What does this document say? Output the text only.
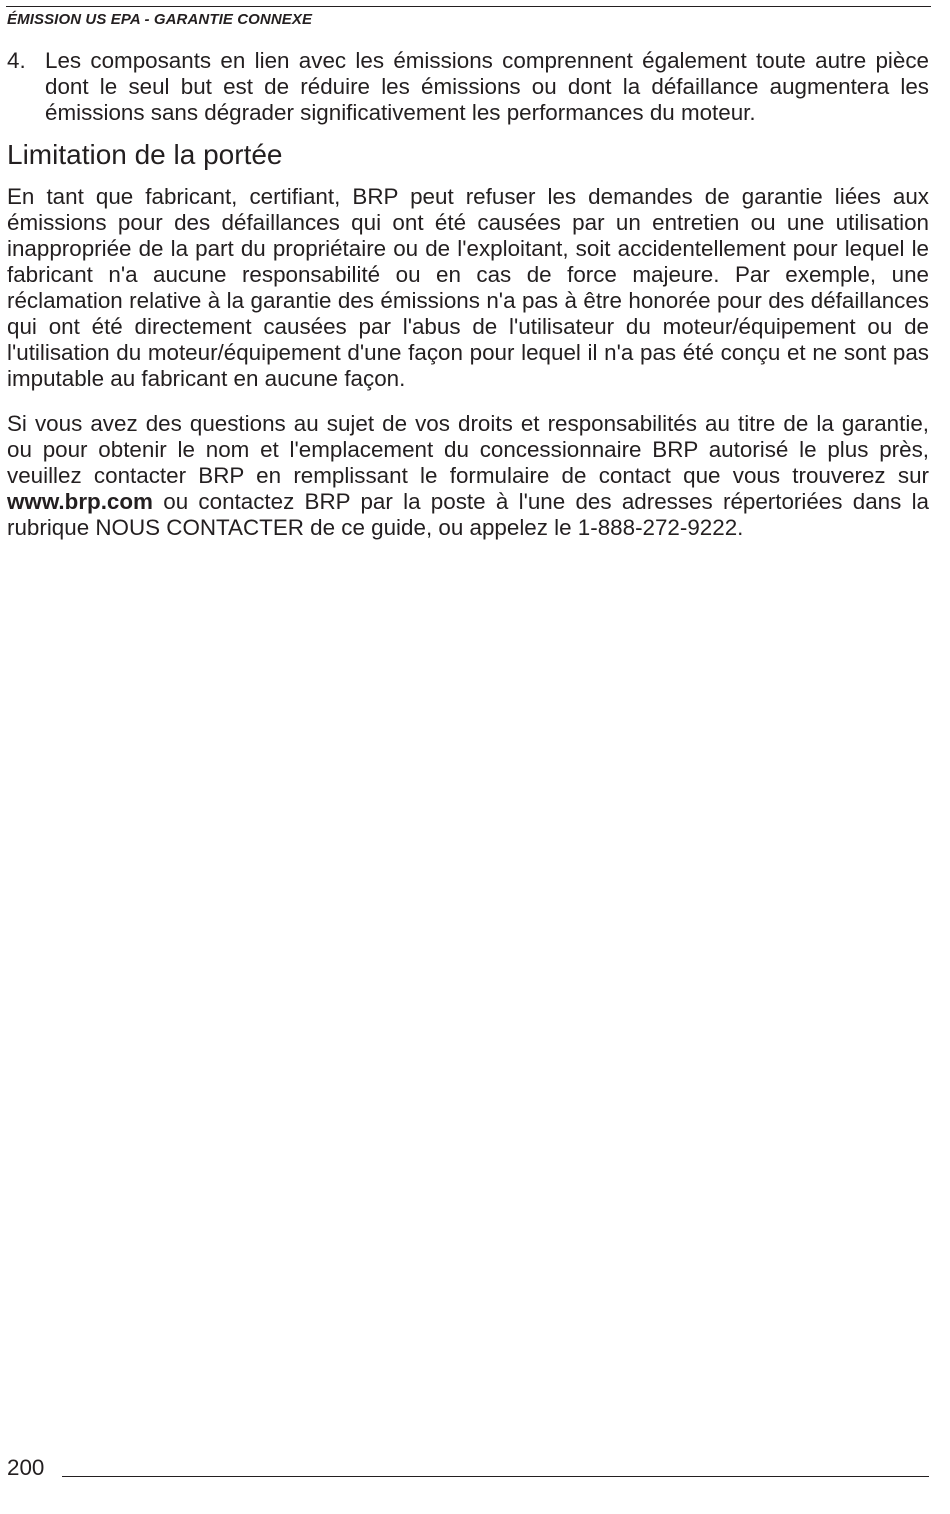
ÉMISSION US EPA - GARANTIE CONNEXE
4. Les composants en lien avec les émissions comprennent également toute autre pièce dont le seul but est de réduire les émissions ou dont la défaillance augmentera les émissions sans dégrader significativement les performances du moteur.
Limitation de la portée

En tant que fabricant, certifiant, BRP peut refuser les demandes de garantie liées aux émissions pour des défaillances qui ont été causées par un entretien ou une utilisation inappropriée de la part du propriétaire ou de l'exploitant, soit accidentellement pour lequel le fabricant n'a aucune responsabilité ou en cas de force majeure. Par exemple, une réclamation relative à la garantie des émissions n'a pas à être honorée pour des défaillances qui ont été directement causées par l'abus de l'utilisateur du moteur/équipement ou de l'utilisation du moteur/équipement d'une façon pour lequel il n'a pas été conçu et ne sont pas imputable au fabricant en aucune façon.

Si vous avez des questions au sujet de vos droits et responsabilités au titre de la garantie, ou pour obtenir le nom et l'emplacement du concessionnaire BRP autorisé le plus près, veuillez contacter BRP en remplissant le formulaire de contact que vous trouverez sur www.brp.com ou contactez BRP par la poste à l'une des adresses répertoriées dans la rubrique NOUS CONTACTER de ce guide, ou appelez le 1-888-272-9222.

200
